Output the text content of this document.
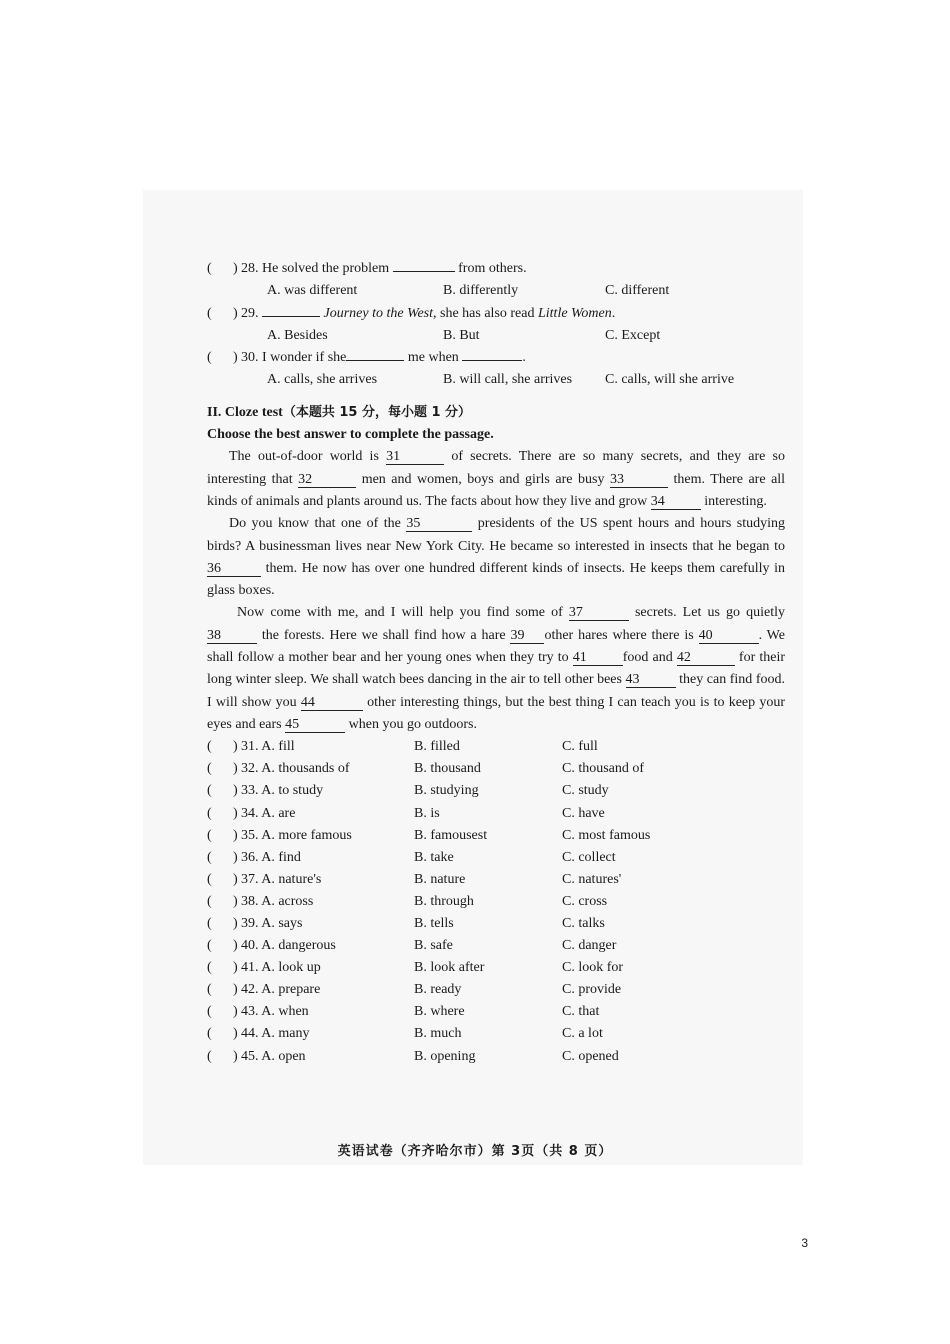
( ) 28. He solved the problem	from others.
A. was different	B. differently	C. different
( ) 29.	Journey to the West, she has also read Little Women.
A. Besides	B. But	C. Except
( ) 30. I wonder if she	me when	.
A. calls, she arrives	B. will call, she arrives C. calls, will she arrive
II. Cloze test（本题共 15 分，每小题 1 分）
Choose the best answer to complete the passage.
The out-of-door world is 31	of secrets. There are so many secrets, and they are so interesting that 32	men and women, boys and girls are busy 33	them. There are all kinds of animals and plants around us. The facts about how they live and grow 34	interesting.
Do you know that one of the 35	presidents of the US spent hours and hours studying birds? A businessman lives near New York City. He became so interested in insects that he began to 36	them. He now has over one hundred different kinds of insects. He keeps them carefully in glass boxes.
Now come with me, and I will help you find some of 37	secrets. Let us go quietly 38	the forests. Here we shall find how a hare 39 other hares where there is 40	. We shall follow a mother bear and her young ones when they try to 41	food and 42	for their long winter sleep. We shall watch bees dancing in the air to tell other bees 43	they can find food. I will show you 44	other interesting things, but the best thing I can teach you is to keep your eyes and ears 45	when you go outdoors.
( ) 31. A. fill	B. filled	C. full
( ) 32. A. thousands of	B. thousand	C. thousand of
( ) 33. A. to study	B. studying	C. study
( ) 34. A. are	B. is	C. have
( ) 35. A. more famous	B. famousest	C. most famous
( ) 36. A. find	B. take	C. collect
( ) 37. A. nature's	B. nature	C. natures'
( ) 38. A. across	B. through	C. cross
( ) 39. A. says	B. tells	C. talks
( ) 40. A. dangerous	B. safe	C. danger
( ) 41. A. look up	B. look after	C. look for
( ) 42. A. prepare	B. ready	C. provide
( ) 43. A. when	B. where	C. that
( ) 44. A. many	B. much	C. a lot
( ) 45. A. open	B. opening	C. opened
英语试卷（齐齐哈尔市）第 3页（共 8 页）
3
